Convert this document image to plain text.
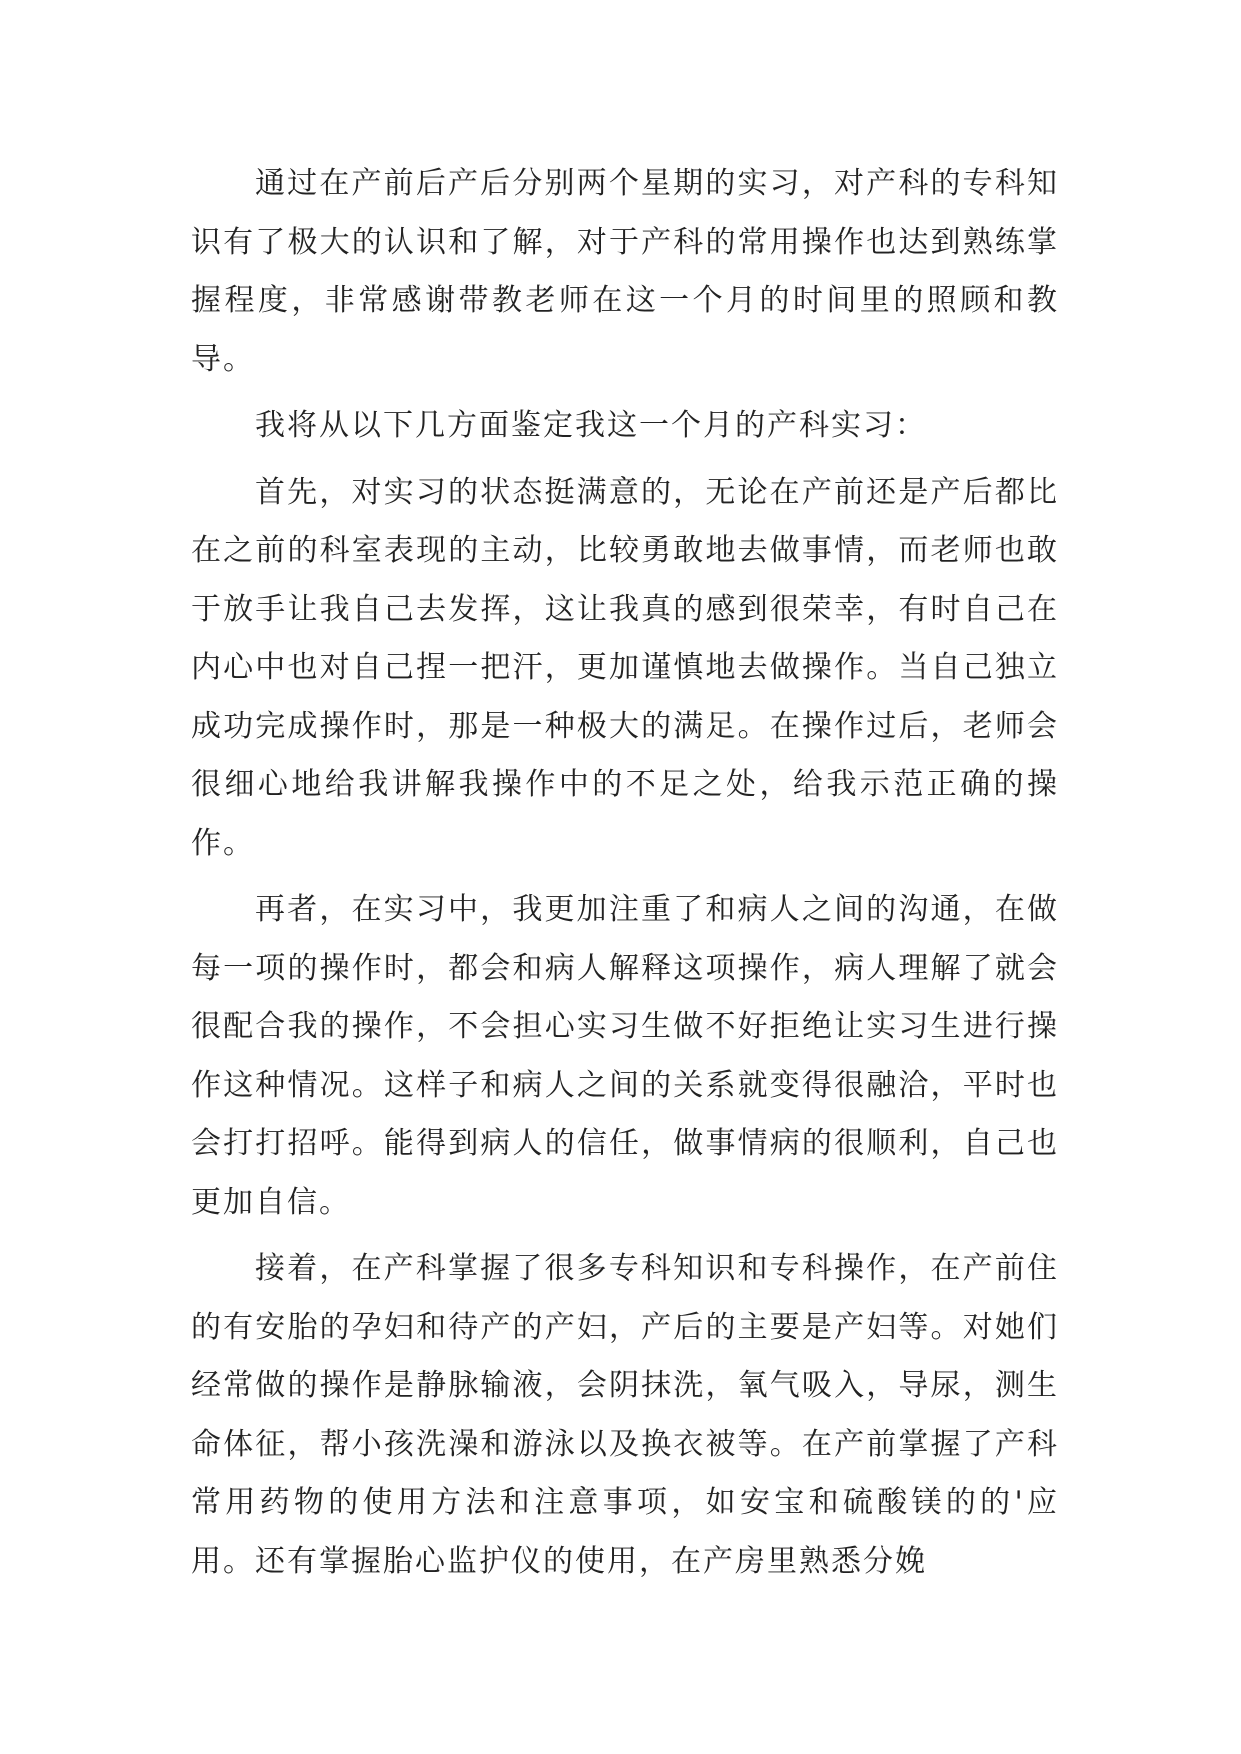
通过在产前后产后分别两个星期的实习，对产科的专科知识有了极大的认识和了解，对于产科的常用操作也达到熟练掌握程度，非常感谢带教老师在这一个月的时间里的照顾和教导。

我将从以下几方面鉴定我这一个月的产科实习：

首先，对实习的状态挺满意的，无论在产前还是产后都比在之前的科室表现的主动，比较勇敢地去做事情，而老师也敢于放手让我自己去发挥，这让我真的感到很荣幸，有时自己在内心中也对自己捏一把汗，更加谨慎地去做操作。当自己独立成功完成操作时，那是一种极大的满足。在操作过后，老师会很细心地给我讲解我操作中的不足之处，给我示范正确的操作。

再者，在实习中，我更加注重了和病人之间的沟通，在做每一项的操作时，都会和病人解释这项操作，病人理解了就会很配合我的操作，不会担心实习生做不好拒绝让实习生进行操作这种情况。这样子和病人之间的关系就变得很融洽，平时也会打打招呼。能得到病人的信任，做事情病的很顺利，自己也更加自信。

接着，在产科掌握了很多专科知识和专科操作，在产前住的有安胎的孕妇和待产的产妇，产后的主要是产妇等。对她们经常做的操作是静脉输液，会阴抹洗，氧气吸入，导尿，测生命体征，帮小孩洗澡和游泳以及换衣被等。在产前掌握了产科常用药物的使用方法和注意事项，如安宝和硫酸镁的的'应用。还有掌握胎心监护仪的使用，在产房里熟悉分娩
